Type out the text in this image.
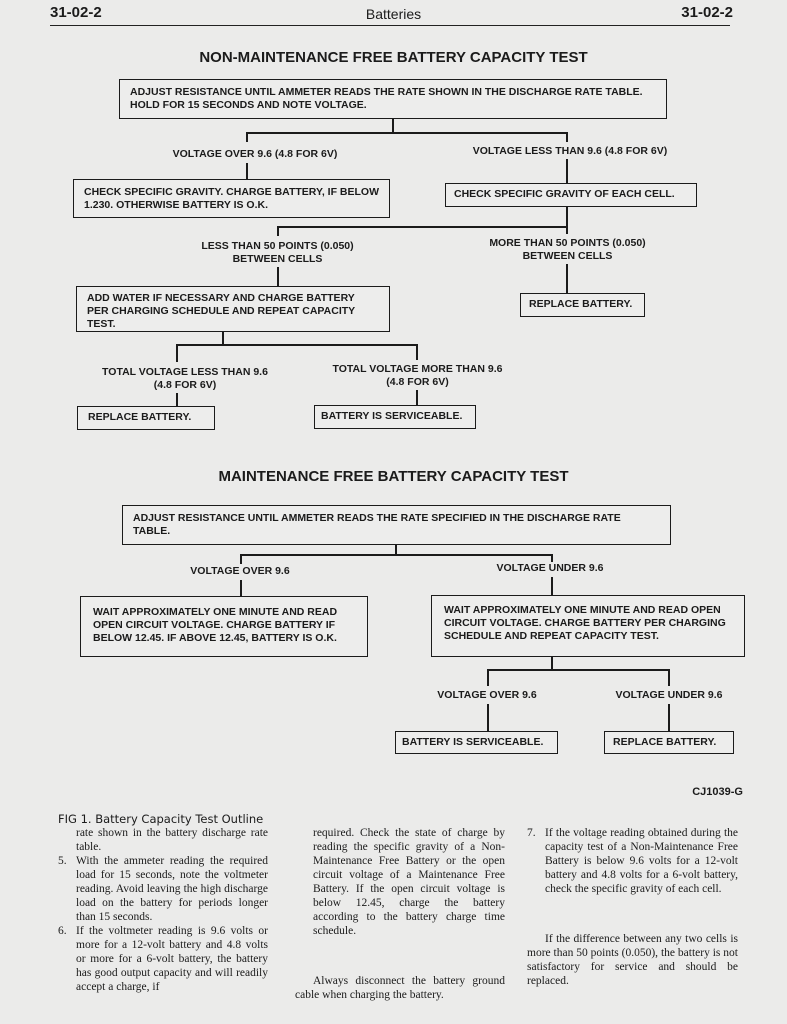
31-02-2	Batteries	31-02-2
NON-MAINTENANCE FREE BATTERY CAPACITY TEST
ADJUST RESISTANCE UNTIL AMMETER READS THE RATE SHOWN IN THE DISCHARGE RATE TABLE. HOLD FOR 15 SECONDS AND NOTE VOLTAGE.
VOLTAGE OVER 9.6 (4.8 FOR 6V)	VOLTAGE LESS THAN 9.6 (4.8 FOR 6V)
CHECK SPECIFIC GRAVITY. CHARGE BATTERY, IF BELOW 1.230. OTHERWISE BATTERY IS O.K.
CHECK SPECIFIC GRAVITY OF EACH CELL.
LESS THAN 50 POINTS (0.050) BETWEEN CELLS
MORE THAN 50 POINTS (0.050) BETWEEN CELLS
ADD WATER IF NECESSARY AND CHARGE BATTERY PER CHARGING SCHEDULE AND REPEAT CAPACITY TEST.
REPLACE BATTERY.
TOTAL VOLTAGE LESS THAN 9.6 (4.8 FOR 6V)
TOTAL VOLTAGE MORE THAN 9.6 (4.8 FOR 6V)
REPLACE BATTERY.	BATTERY IS SERVICEABLE.
MAINTENANCE FREE BATTERY CAPACITY TEST
ADJUST RESISTANCE UNTIL AMMETER READS THE RATE SPECIFIED IN THE DISCHARGE RATE TABLE.
VOLTAGE OVER 9.6	VOLTAGE UNDER 9.6
WAIT APPROXIMATELY ONE MINUTE AND READ OPEN CIRCUIT VOLTAGE. CHARGE BATTERY IF BELOW 12.45. IF ABOVE 12.45, BATTERY IS O.K.
WAIT APPROXIMATELY ONE MINUTE AND READ OPEN CIRCUIT VOLTAGE. CHARGE BATTERY PER CHARGING SCHEDULE AND REPEAT CAPACITY TEST.
VOLTAGE OVER 9.6	VOLTAGE UNDER 9.6
BATTERY IS SERVICEABLE.	REPLACE BATTERY.
CJ1039-G
FIG 1. Battery Capacity Test Outline

rate shown in the battery discharge rate table.

5. With the ammeter reading the required load for 15 seconds, note the voltmeter reading. Avoid leaving the high discharge load on the battery for periods longer than 15 seconds.

6. If the voltmeter reading is 9.6 volts or more for a 12-volt battery and 4.8 volts or more for a 6-volt battery, the battery has good output capacity and will readily accept a charge, if

required. Check the state of charge by reading the specific gravity of a Non-Maintenance Free Battery or the open circuit voltage of a Maintenance Free Battery. If the open circuit voltage is below 12.45, charge the battery according to the battery charge time schedule.

Always disconnect the battery ground cable when charging the battery.

7. If the voltage reading obtained during the capacity test of a Non-Maintenance Free Battery is below 9.6 volts for a 12-volt battery and 4.8 volts for a 6-volt battery, check the specific gravity of each cell.

If the difference between any two cells is more than 50 points (0.050), the battery is not satisfactory for service and should be replaced.
